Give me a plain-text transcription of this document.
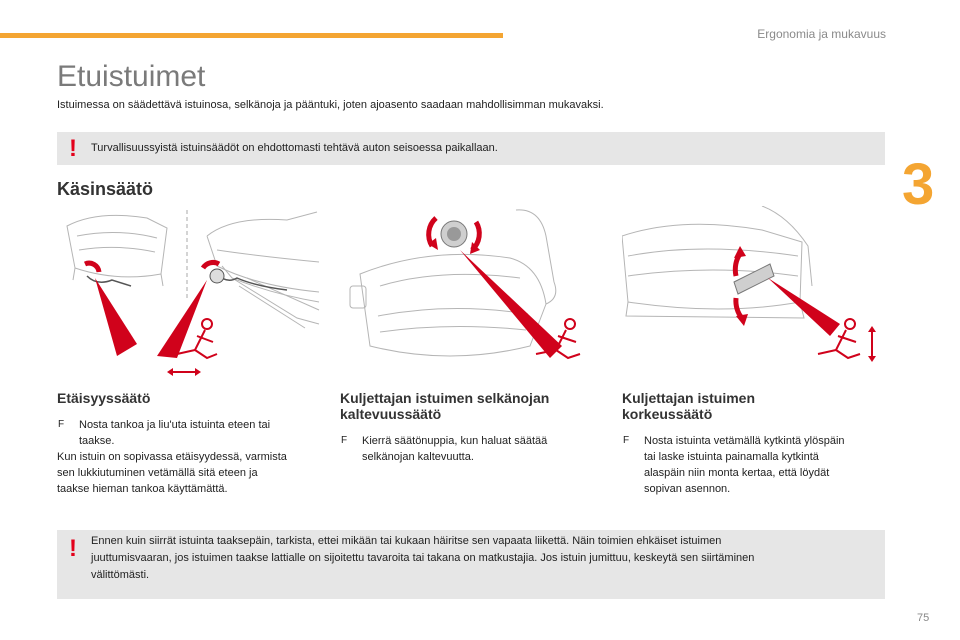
Ergonomia ja mukavuus
3
Etuistuimet

Istuimessa on säädettävä istuinosa, selkänoja ja pääntuki, joten ajoasento saadaan mahdollisimman mukavaksi.

! Turvallisuussyistä istuinsäädöt on ehdottomasti tehtävä auton seisoessa paikallaan.
Käsinsäätö
Etäisyyssäätö
F Nosta tankoa ja liu'uta istuinta eteen tai
taakse.
Kun istuin on sopivassa etäisyydessä, varmista
sen lukkiutuminen vetämällä sitä eteen ja
taakse hieman tankoa käyttämättä.
Kuljettajan istuimen selkänojan
kaltevuussäätö
F Kierrä säätönuppia, kun haluat säätää
selkänojan kaltevuutta.
Kuljettajan istuimen
korkeussäätö
F Nosta istuinta vetämällä kytkintä ylöspäin
tai laske istuinta painamalla kytkintä
alaspäin niin monta kertaa, että löydät
sopivan asennon.
! Ennen kuin siirrät istuinta taaksepäin, tarkista, ettei mikään tai kukaan häiritse sen vapaata liikettä. Näin toimien ehkäiset istuimen
juuttumisvaaran, jos istuimen taakse lattialle on sijoitettu tavaroita tai takana on matkustajia. Jos istuin jumittuu, keskeytä sen siirtäminen
välittömästi.
75
